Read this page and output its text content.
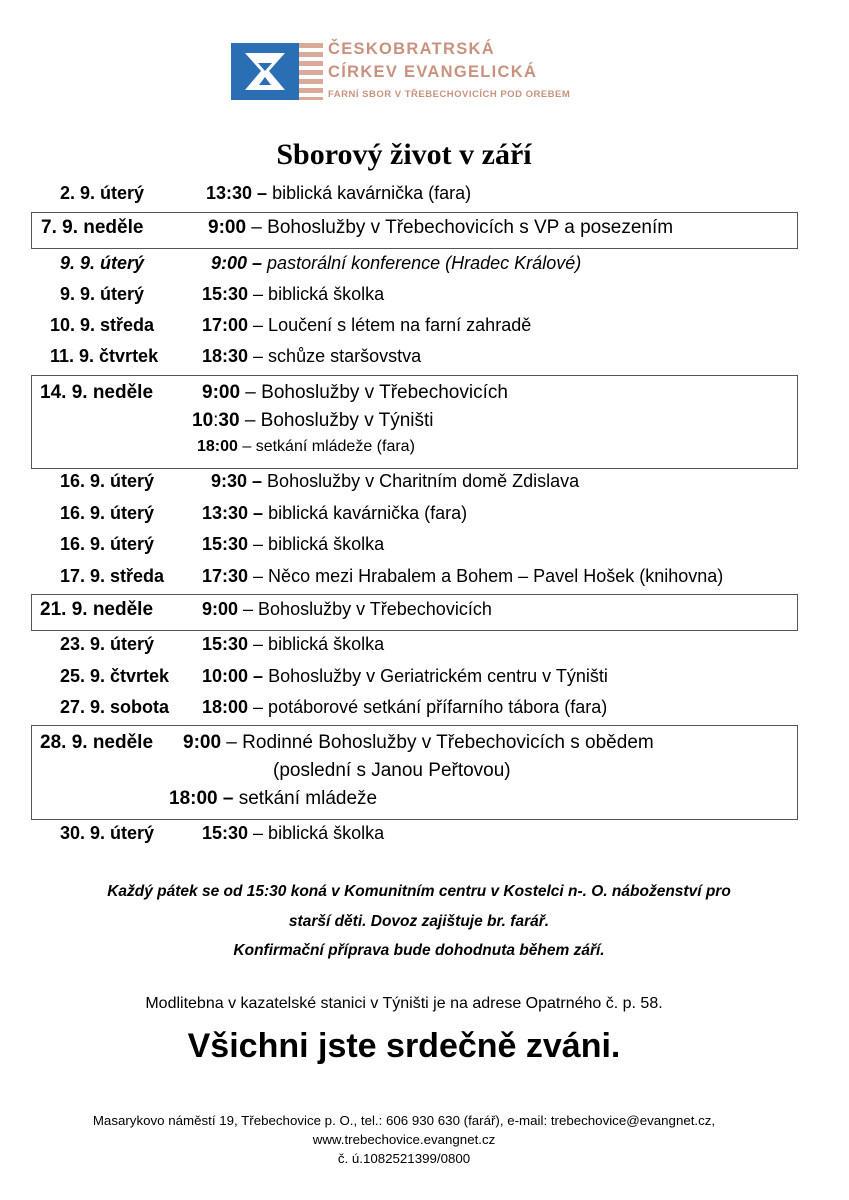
ČESKOBRATRSKÁ
CÍRKEV EVANGELICKÁ
FARNÍ SBOR V TŘEBECHOVICÍCH POD OREBEM
Sborový život v září
2. 9. úterý	13:30 – biblická kavárnička (fara)
7. 9. neděle	9:00 – Bohoslužby v Třebechovicích s VP a posezením
9. 9. úterý	9:00 – pastorální konference (Hradec Králové)
9. 9. úterý	15:30 – biblická školka
10. 9. středa	17:00 – Loučení s létem na farní zahradě
11. 9. čtvrtek 18:30 – schůze staršovstva
14. 9. neděle	9:00 – Bohoslužby v Třebechovicích
10:30 – Bohoslužby v Týništi
18:00 – setkání mládeže (fara)
16. 9. úterý	9:30 – Bohoslužby v Charitním domě Zdislava
16. 9. úterý	13:30 – biblická kavárnička (fara)
16. 9. úterý	15:30 – biblická školka
17. 9. středa 17:30 – Něco mezi Hrabalem a Bohem – Pavel Hošek (knihovna)
21. 9. neděle	9:00 – Bohoslužby v Třebechovicích
23. 9. úterý	15:30 – biblická školka
25. 9. čtvrtek 10:00 – Bohoslužby v Geriatrickém centru v Týništi
27. 9. sobota 18:00 – potáborové setkání přífarního tábora (fara)
28. 9. neděle 9:00 – Rodinné Bohoslužby v Třebechovicích s obědem
(poslední s Janou Peřtovou)
18:00 – setkání mládeže
30. 9. úterý	15:30 – biblická školka
Každý pátek se od 15:30 koná v Komunitním centru v Kostelci n-. O. náboženství pro
starší děti. Dovoz zajištuje br. farář.
Konfirmační příprava bude dohodnuta během září.
Modlitebna v kazatelské stanici v Týništi je na adrese Opatrného č. p. 58.
Všichni jste srdečně zváni.
Masarykovo náměstí 19, Třebechovice p. O., tel.: 606 930 630 (farář), e-mail: trebechovice@evangnet.cz,
www.trebechovice.evangnet.cz
č. ú.1082521399/0800
